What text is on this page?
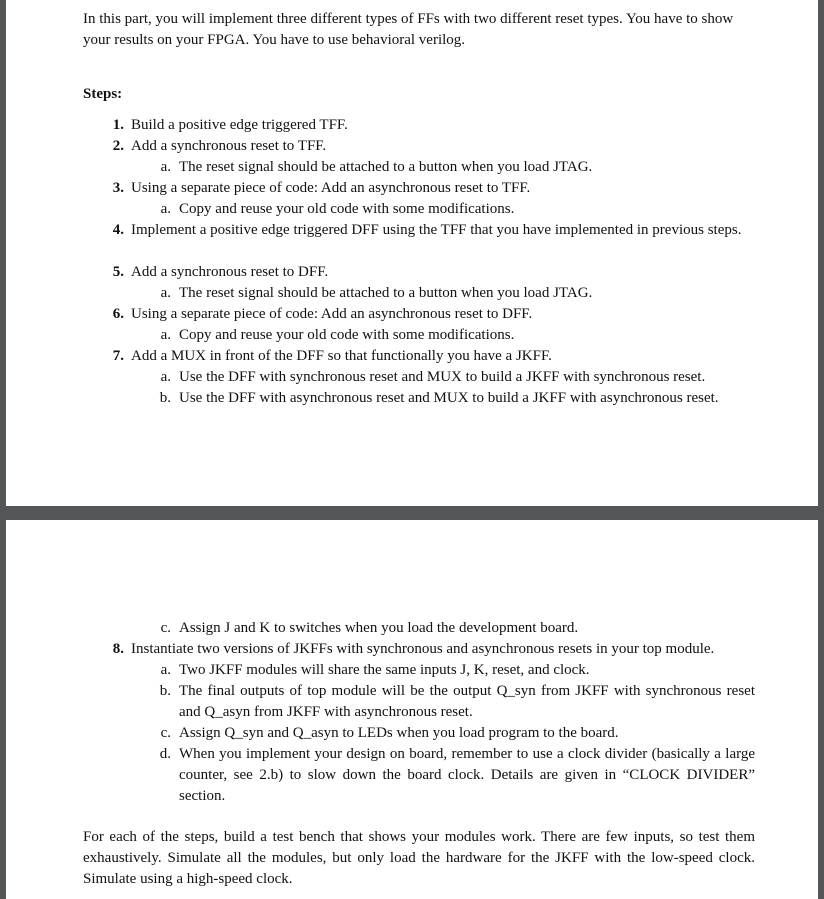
In this part, you will implement three different types of FFs with two different reset types. You have to show your results on your FPGA. You have to use behavioral verilog.

Steps:

1. Build a positive edge triggered TFF.
2. Add a synchronous reset to TFF.
a. The reset signal should be attached to a button when you load JTAG.
3. Using a separate piece of code: Add an asynchronous reset to TFF.
a. Copy and reuse your old code with some modifications.
4. Implement a positive edge triggered DFF using the TFF that you have implemented in previous steps.
5. Add a synchronous reset to DFF.
a. The reset signal should be attached to a button when you load JTAG.
6. Using a separate piece of code: Add an asynchronous reset to DFF.
a. Copy and reuse your old code with some modifications.
7. Add a MUX in front of the DFF so that functionally you have a JKFF.
a. Use the DFF with synchronous reset and MUX to build a JKFF with synchronous reset.
b. Use the DFF with asynchronous reset and MUX to build a JKFF with asynchronous reset.
c. Assign J and K to switches when you load the development board.
8. Instantiate two versions of JKFFs with synchronous and asynchronous resets in your top module.
a. Two JKFF modules will share the same inputs J, K, reset, and clock.
b. The final outputs of top module will be the output Q_syn from JKFF with synchronous reset and Q_asyn from JKFF with asynchronous reset.
c. Assign Q_syn and Q_asyn to LEDs when you load program to the board.
d. When you implement your design on board, remember to use a clock divider (basically a large counter, see 2.b) to slow down the board clock. Details are given in “CLOCK DIVIDER” section.

For each of the steps, build a test bench that shows your modules work. There are few inputs, so test them exhaustively. Simulate all the modules, but only load the hardware for the JKFF with the low-speed clock. Simulate using a high-speed clock.
